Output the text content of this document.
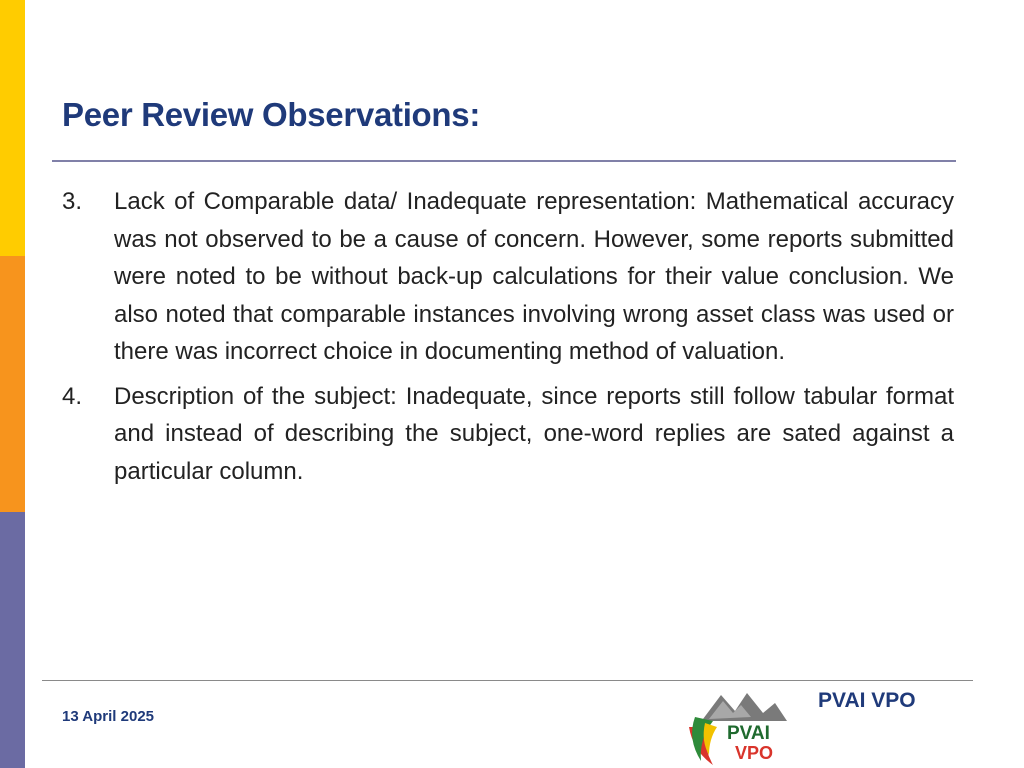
Peer Review Observations:
3.	Lack of Comparable data/ Inadequate representation: Mathematical accuracy was not observed to be a cause of concern. However, some reports submitted were noted to be without back-up calculations for their value conclusion. We also noted that comparable instances involving wrong asset class was used or there was incorrect choice in documenting method of valuation.
4.	Description of the subject: Inadequate, since reports still follow tabular format and instead of describing the subject, one-word replies are sated against a particular column.
13 April 2025
PVAI VPO
PVAI
VPO
